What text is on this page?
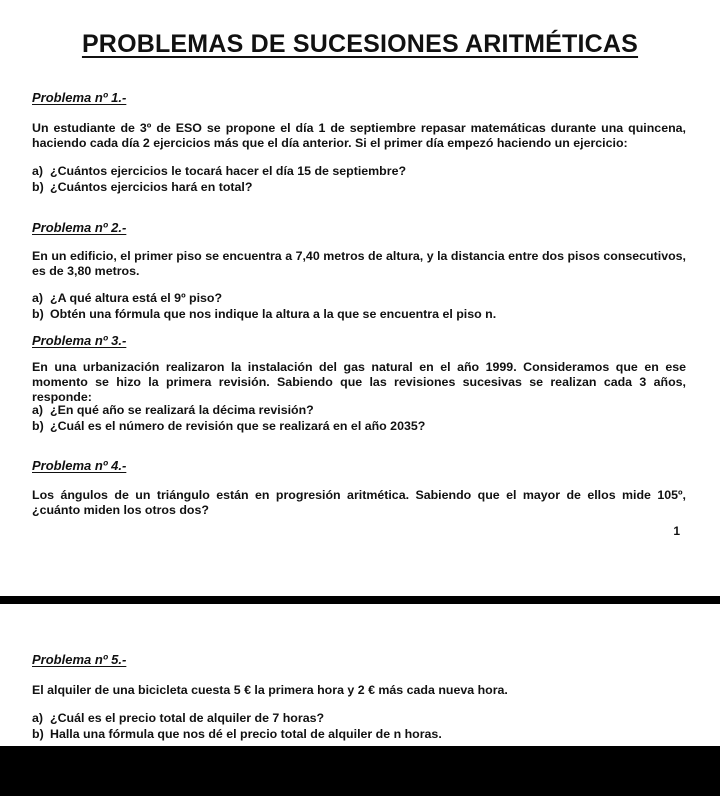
PROBLEMAS DE SUCESIONES ARITMÉTICAS
Problema nº 1.-

Un estudiante de 3º de ESO se propone el día 1 de septiembre repasar matemáticas durante una quincena, haciendo cada día 2 ejercicios más que el día anterior. Si el primer día empezó haciendo un ejercicio:

a) ¿Cuántos ejercicios le tocará hacer el día 15 de septiembre?
b) ¿Cuántos ejercicios hará en total?
Problema nº 2.-

En un edificio, el primer piso se encuentra a 7,40 metros de altura, y la distancia entre dos pisos consecutivos, es de 3,80 metros.

a) ¿A qué altura está el 9º piso?
b) Obtén una fórmula que nos indique la altura a la que se encuentra el piso n.
Problema nº 3.-

En una urbanización realizaron la instalación del gas natural en el año 1999. Consideramos que en ese momento se hizo la primera revisión. Sabiendo que las revisiones sucesivas se realizan cada 3 años, responde:

a) ¿En qué año se realizará la décima revisión?
b) ¿Cuál es el número de revisión que se realizará en el año 2035?
Problema nº 4.-

Los ángulos de un triángulo están en progresión aritmética. Sabiendo que el mayor de ellos mide 105º, ¿cuánto miden los otros dos?

1
Problema nº 5.-

El alquiler de una bicicleta cuesta 5 € la primera hora y 2 € más cada nueva hora.

a) ¿Cuál es el precio total de alquiler de 7 horas?
b) Halla una fórmula que nos dé el precio total de alquiler de n horas.
